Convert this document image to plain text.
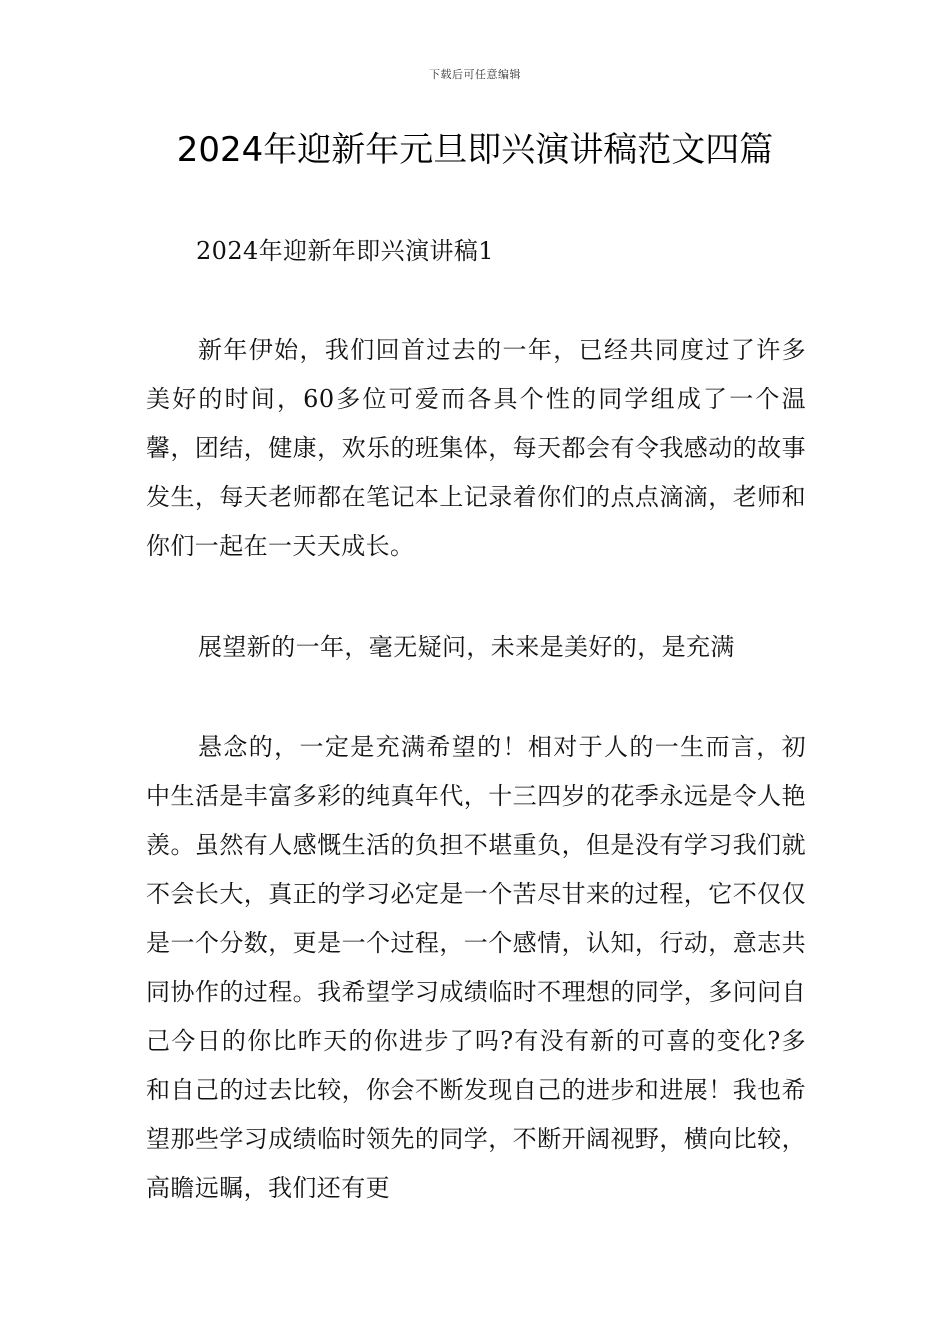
下载后可任意编辑
2024年迎新年元旦即兴演讲稿范文四篇

2024年迎新年即兴演讲稿1

新年伊始，我们回首过去的一年，已经共同度过了许多美好的时间，60多位可爱而各具个性的同学组成了一个温馨，团结，健康，欢乐的班集体，每天都会有令我感动的故事发生，每天老师都在笔记本上记录着你们的点点滴滴，老师和你们一起在一天天成长。

展望新的一年，毫无疑问，未来是美好的，是充满

悬念的，一定是充满希望的！相对于人的一生而言，初中生活是丰富多彩的纯真年代，十三四岁的花季永远是令人艳羡。虽然有人感慨生活的负担不堪重负，但是没有学习我们就不会长大，真正的学习必定是一个苦尽甘来的过程，它不仅仅是一个分数，更是一个过程，一个感情，认知，行动，意志共同协作的过程。我希望学习成绩临时不理想的同学，多问问自己今日的你比昨天的你进步了吗?有没有新的可喜的变化?多和自己的过去比较，你会不断发现自己的进步和进展！我也希望那些学习成绩临时领先的同学，不断开阔视野，横向比较，高瞻远瞩，我们还有更
